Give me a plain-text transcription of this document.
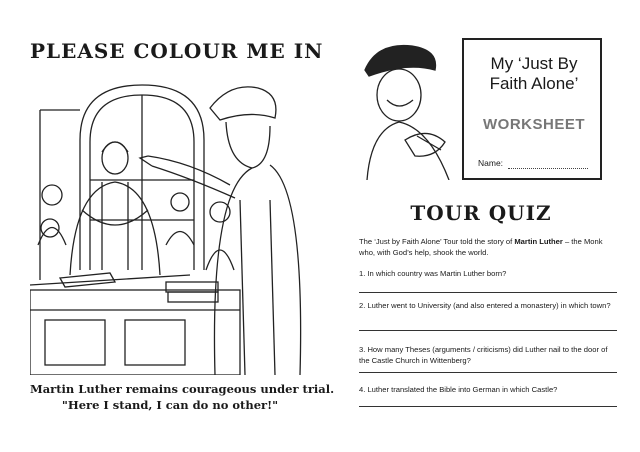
PLEASE COLOUR ME IN
Martin Luther remains courageous under trial.
"Here I stand, I can do no other!"
My ‘Just By
Faith Alone’
WORKSHEET
Name:
TOUR QUIZ
The ‘Just by Faith Alone’ Tour told the story of Martin Luther – the Monk who, with God’s help, shook the world.
1. In which country was Martin Luther born?
2. Luther went to University (and also entered a monastery) in which town?
3. How many Theses (arguments / criticisms) did Luther nail to the door of the Castle Church in Wittenberg?
4. Luther translated the Bible into German in which Castle?
